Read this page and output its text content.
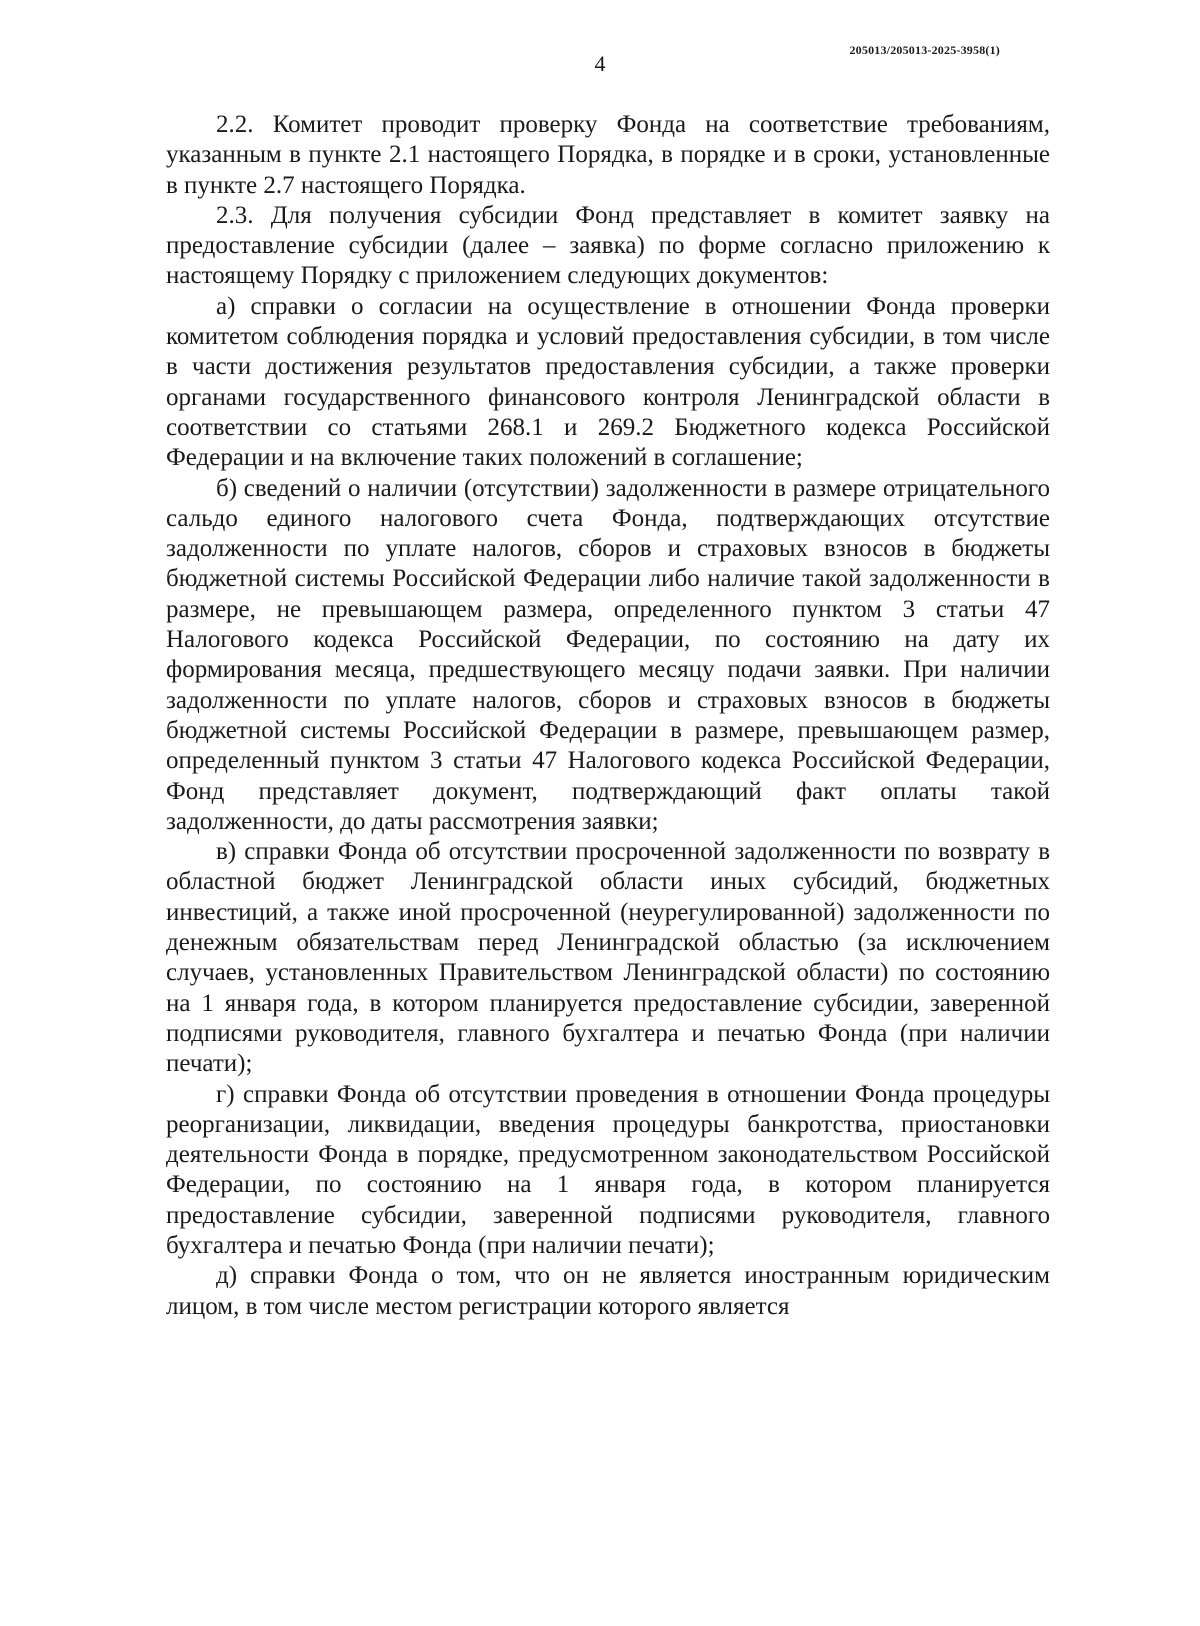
4
205013/205013-2025-3958(1)

2.2. Комитет проводит проверку Фонда на соответствие требованиям, указанным в пункте 2.1 настоящего Порядка, в порядке и в сроки, установленные в пункте 2.7 настоящего Порядка.

2.3. Для получения субсидии Фонд представляет в комитет заявку на предоставление субсидии (далее – заявка) по форме согласно приложению к настоящему Порядку с приложением следующих документов:

а) справки о согласии на осуществление в отношении Фонда проверки комитетом соблюдения порядка и условий предоставления субсидии, в том числе в части достижения результатов предоставления субсидии, а также проверки органами государственного финансового контроля Ленинградской области в соответствии со статьями 268.1 и 269.2 Бюджетного кодекса Российской Федерации и на включение таких положений в соглашение;

б) сведений о наличии (отсутствии) задолженности в размере отрицательного сальдо единого налогового счета Фонда, подтверждающих отсутствие задолженности по уплате налогов, сборов и страховых взносов в бюджеты бюджетной системы Российской Федерации либо наличие такой задолженности в размере, не превышающем размера, определенного пунктом 3 статьи 47 Налогового кодекса Российской Федерации, по состоянию на дату их формирования месяца, предшествующего месяцу подачи заявки. При наличии задолженности по уплате налогов, сборов и страховых взносов в бюджеты бюджетной системы Российской Федерации в размере, превышающем размер, определенный пунктом 3 статьи 47 Налогового кодекса Российской Федерации, Фонд представляет документ, подтверждающий факт оплаты такой задолженности, до даты рассмотрения заявки;

в) справки Фонда об отсутствии просроченной задолженности по возврату в областной бюджет Ленинградской области иных субсидий, бюджетных инвестиций, а также иной просроченной (неурегулированной) задолженности по денежным обязательствам перед Ленинградской областью (за исключением случаев, установленных Правительством Ленинградской области) по состоянию на 1 января года, в котором планируется предоставление субсидии, заверенной подписями руководителя, главного бухгалтера и печатью Фонда (при наличии печати);

г) справки Фонда об отсутствии проведения в отношении Фонда процедуры реорганизации, ликвидации, введения процедуры банкротства, приостановки деятельности Фонда в порядке, предусмотренном законодательством Российской Федерации, по состоянию на 1 января года, в котором планируется предоставление субсидии, заверенной подписями руководителя, главного бухгалтера и печатью Фонда (при наличии печати);

д) справки Фонда о том, что он не является иностранным юридическим лицом, в том числе местом регистрации которого является
